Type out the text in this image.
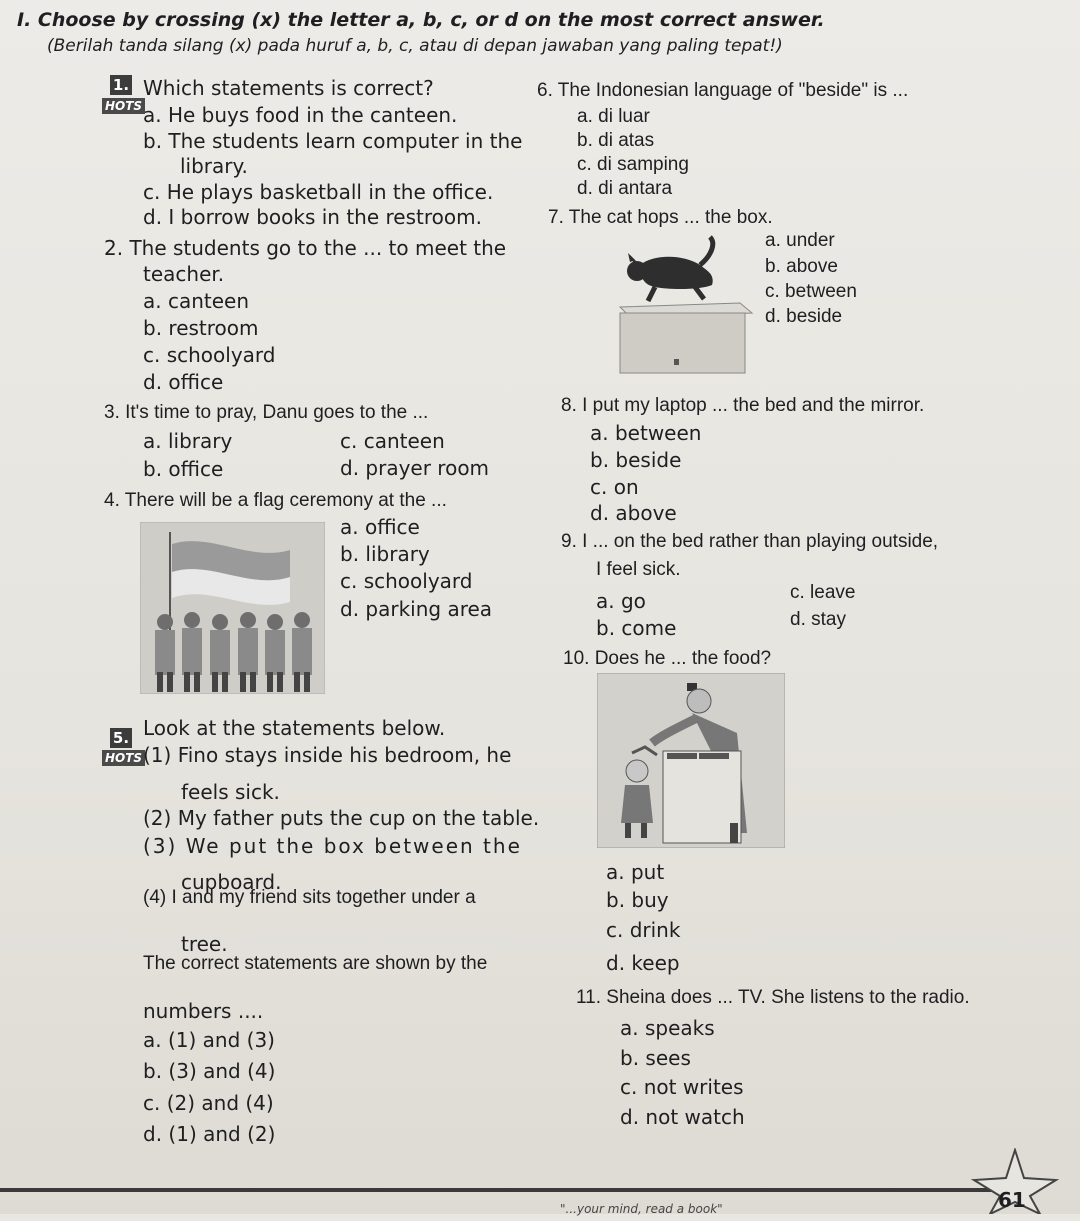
I. Choose by crossing (x) the letter a, b, c, or d on the most correct answer.
(Berilah tanda silang (x) pada huruf a, b, c, atau di depan jawaban yang paling tepat!)
1.
HOTS
Which statements is correct?
a. He buys food in the canteen.
b. The students learn computer in the
library.
c. He plays basketball in the office.
d. I borrow books in the restroom.
2. The students go to the ... to meet the
teacher.
a. canteen
b. restroom
c. schoolyard
d. office
3. It's time to pray, Danu goes to the ...
a. library	c. canteen
b. office	d. prayer room
4. There will be a flag ceremony at the ...
a. office
b. library
c. schoolyard
d. parking area
5.
HOTS
Look at the statements below.
(1) Fino stays inside his bedroom, he
feels sick.
(2) My father puts the cup on the table.
(3) We put the box between the
cupboard.
(4) I and my friend sits together under a
tree.
The correct statements are shown by the
numbers ....
a. (1) and (3)
b. (3) and (4)
c. (2) and (4)
d. (1) and (2)
6. The Indonesian language of "beside" is ...
a. di luar
b. di atas
c. di samping
d. di antara
7. The cat hops ... the box.
a. under
b. above
c. between
d. beside
8. I put my laptop ... the bed and the mirror.
a. between
b. beside
c. on
d. above
9. I ... on the bed rather than playing outside,
I feel sick.
a. go	c. leave
b. come	d. stay
10. Does he ... the food?
a. put
b. buy
c. drink
d. keep
11. Sheina does ... TV. She listens to the radio.
a. speaks
b. sees
c. not writes
d. not watch
"...your mind, read a book"	61
